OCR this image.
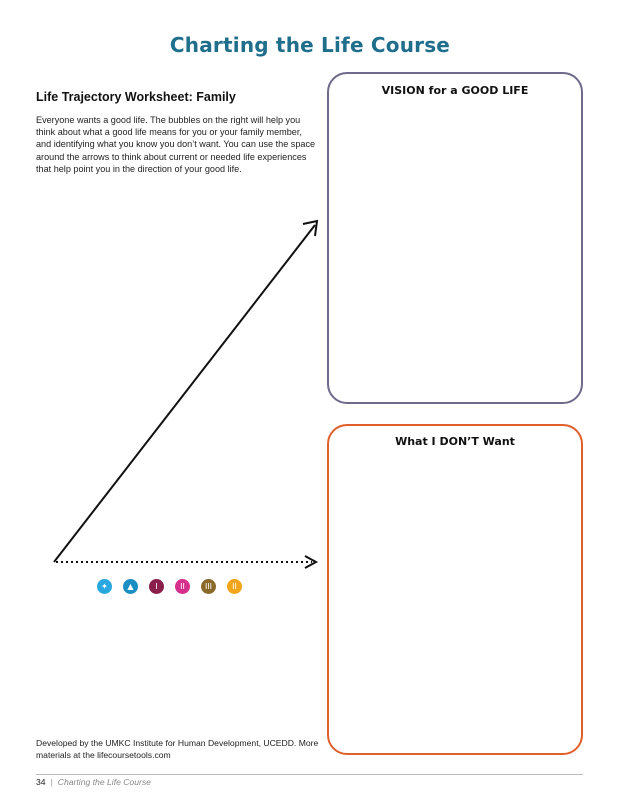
Charting the Life Course
Life Trajectory Worksheet: Family
Everyone wants a good life. The bubbles on the right will help you think about what a good life means for you or your family member, and identifying what you know you don’t want. You can use the space around the arrows to think about current or needed life experiences that help point you in the direction of your good life.
VISION for a GOOD LIFE
What I DON’T Want
✦	▲	Ι	ΙΙ	ΙΙΙ	ΙΙ
Developed by the UMKC Institute for Human Development, UCEDD. More materials at the lifecoursetools.com
34 | Charting the Life Course
